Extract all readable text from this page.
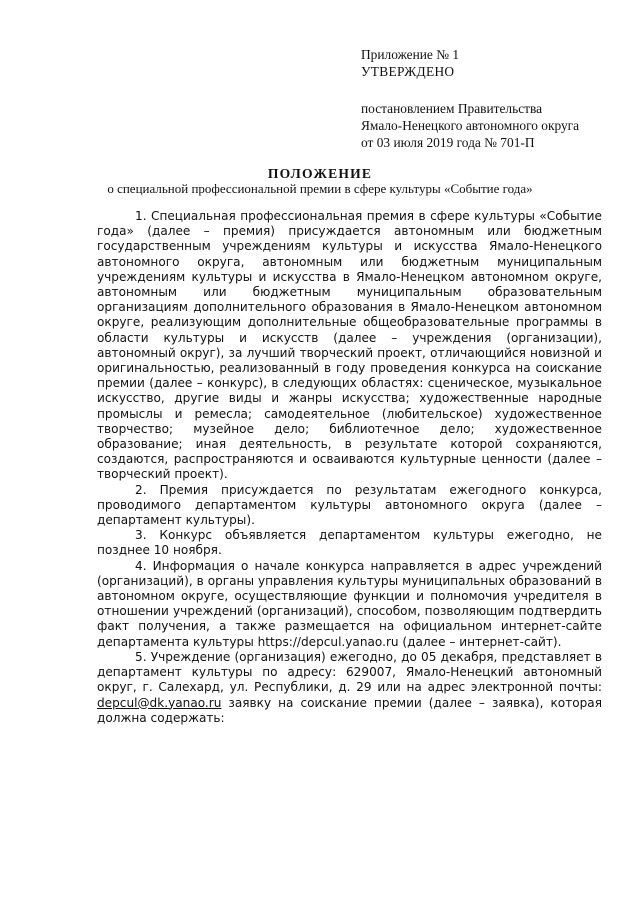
Приложение № 1
УТВЕРЖДЕНО
постановлением Правительства
Ямало-Ненецкого автономного округа
от 03 июля 2019 года № 701-П
ПОЛОЖЕНИЕ
о специальной профессиональной премии в сфере культуры «Событие года»

1. Специальная профессиональная премия в сфере культуры «Событие года» (далее – премия) присуждается автономным или бюджетным государственным учреждениям культуры и искусства Ямало-Ненецкого автономного округа, автономным или бюджетным муниципальным учреждениям культуры и искусства в Ямало-Ненецком автономном округе, автономным или бюджетным муниципальным образовательным организациям дополнительного образования в Ямало-Ненецком автономном округе, реализующим дополнительные общеобразовательные программы в области культуры и искусств (далее – учреждения (организации), автономный округ), за лучший творческий проект, отличающийся новизной и оригинальностью, реализованный в году проведения конкурса на соискание премии (далее – конкурс), в следующих областях: сценическое, музыкальное искусство, другие виды и жанры искусства; художественные народные промыслы и ремесла; самодеятельное (любительское) художественное творчество; музейное дело; библиотечное дело; художественное образование; иная деятельность, в результате которой сохраняются, создаются, распространяются и осваиваются культурные ценности (далее – творческий проект).

2. Премия присуждается по результатам ежегодного конкурса, проводимого департаментом культуры автономного округа (далее – департамент культуры).

3. Конкурс объявляется департаментом культуры ежегодно, не позднее 10 ноября.

4. Информация о начале конкурса направляется в адрес учреждений (организаций), в органы управления культуры муниципальных образований в автономном округе, осуществляющие функции и полномочия учредителя в отношении учреждений (организаций), способом, позволяющим подтвердить факт получения, а также размещается на официальном интернет-сайте департамента культуры https://depcul.yanao.ru (далее – интернет-сайт).

5. Учреждение (организация) ежегодно, до 05 декабря, представляет в департамент культуры по адресу: 629007, Ямало-Ненецкий автономный округ, г. Салехард, ул. Республики, д. 29 или на адрес электронной почты: depcul@dk.yanao.ru заявку на соискание премии (далее – заявка), которая должна содержать:
